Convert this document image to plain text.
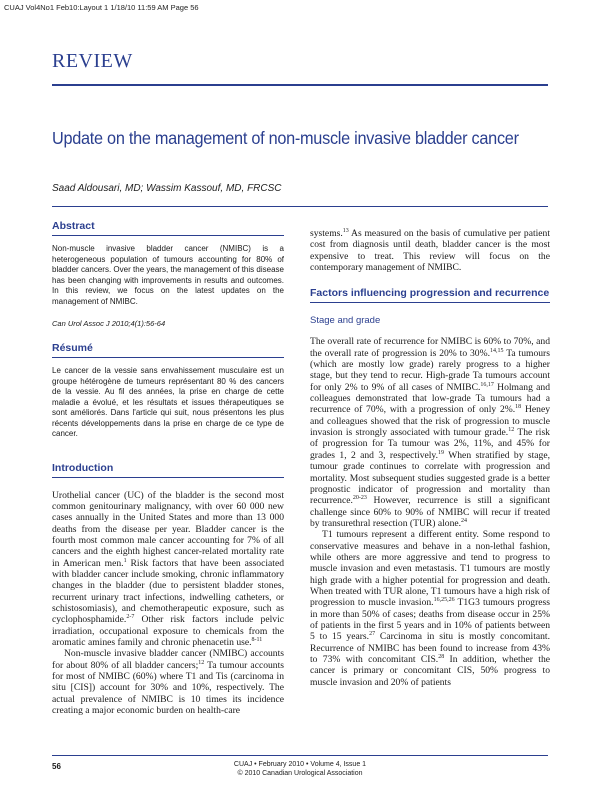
CUAJ Vol4No1 Feb10:Layout 1 1/18/10 11:59 AM Page 56
REVIEW
Update on the management of non-muscle invasive bladder cancer
Saad Aldousari, MD; Wassim Kassouf, MD, FRCSC
Abstract

Non-muscle invasive bladder cancer (NMIBC) is a heterogeneous population of tumours accounting for 80% of bladder cancers. Over the years, the management of this disease has been changing with improvements in results and outcomes. In this review, we focus on the latest updates on the management of NMIBC.

Can Urol Assoc J 2010;4(1):56-64
Résumé

Le cancer de la vessie sans envahissement musculaire est un groupe hétérogène de tumeurs représentant 80 % des cancers de la vessie. Au fil des années, la prise en charge de cette maladie a évolué, et les résultats et issues thérapeutiques se sont améliorés. Dans l'article qui suit, nous présentons les plus récents développements dans la prise en charge de ce type de cancer.

Introduction

Urothelial cancer (UC) of the bladder is the second most common genitourinary malignancy, with over 60 000 new cases annually in the United States and more than 13 000 deaths from the disease per year. Bladder cancer is the fourth most common male cancer accounting for 7% of all cancers and the eighth highest cancer-related mortality rate in American men.$^1$ Risk factors that have been associated with bladder cancer include smoking, chronic inflammatory changes in the bladder (due to persistent bladder stones, recurrent urinary tract infections, indwelling catheters, or schistosomiasis), and chemotherapeutic exposure, such as cyclophosphamide.$^{2-7}$ Other risk factors include pelvic irradiation, occupational exposure to chemicals from the aromatic amines family and chronic phenacetin use.$^{8-11}$

Non-muscle invasive bladder cancer (NMIBC) accounts for about 80% of all bladder cancers;$^{12}$ Ta tumour accounts for most of NMIBC (60%) where T1 and Tis (carcinoma in situ [CIS]) account for 30% and 10%, respectively. The actual prevalence of NMIBC is 10 times its incidence creating a major economic burden on health-care

systems.$^{13}$ As measured on the basis of cumulative per patient cost from diagnosis until death, bladder cancer is the most expensive to treat. This review will focus on the contemporary management of NMIBC.

Factors influencing progression and recurrence
Stage and grade

The overall rate of recurrence for NMIBC is 60% to 70%, and the overall rate of progression is 20% to 30%.$^{14,15}$ Ta tumours (which are mostly low grade) rarely progress to a higher stage, but they tend to recur. High-grade Ta tumours account for only 2% to 9% of all cases of NMIBC.$^{16,17}$ Holmang and colleagues demonstrated that low-grade Ta tumours had a recurrence of 70%, with a progression of only 2%.$^{18}$ Heney and colleagues showed that the risk of progression to muscle invasion is strongly associated with tumour grade.$^{12}$ The risk of progression for Ta tumour was 2%, 11%, and 45% for grades 1, 2 and 3, respectively.$^{19}$ When stratified by stage, tumour grade continues to correlate with progression and mortality. Most subsequent studies suggested grade is a better prognostic indicator of progression and mortality than recurrence.$^{20-23}$ However, recurrence is still a significant challenge since 60% to 90% of NMIBC will recur if treated by transurethral resection (TUR) alone.$^{24}$

T1 tumours represent a different entity. Some respond to conservative measures and behave in a non-lethal fashion, while others are more aggressive and tend to progress to muscle invasion and even metastasis. T1 tumours are mostly high grade with a higher potential for progression and death. When treated with TUR alone, T1 tumours have a high risk of progression to muscle invasion.$^{16,25,26}$ T1G3 tumours progress in more than 50% of cases; deaths from disease occur in 25% of patients in the first 5 years and in 10% of patients between 5 to 15 years.$^{27}$ Carcinoma in situ is mostly concomitant. Recurrence of NMIBC has been found to increase from 43% to 73% with concomitant CIS.$^{28}$ In addition, whether the cancer is primary or concomitant CIS, 50% progress to muscle invasion and 20% of patients

56	CUAJ • February 2010 • Volume 4, Issue 1
© 2010 Canadian Urological Association
